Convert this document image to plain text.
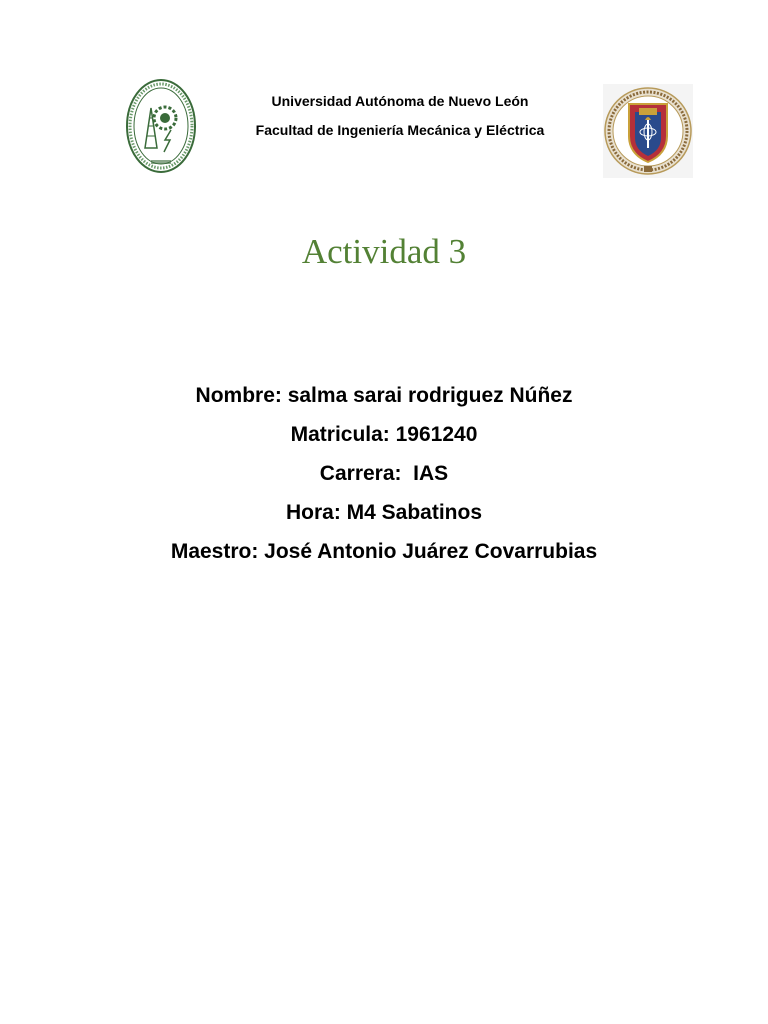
Universidad Autónoma de Nuevo León
Facultad de Ingeniería Mecánica y Eléctrica
Actividad 3
Nombre: salma sarai rodriguez Núñez
Matricula: 1961240
Carrera:  IAS
Hora: M4 Sabatinos
Maestro: José Antonio Juárez Covarrubias
